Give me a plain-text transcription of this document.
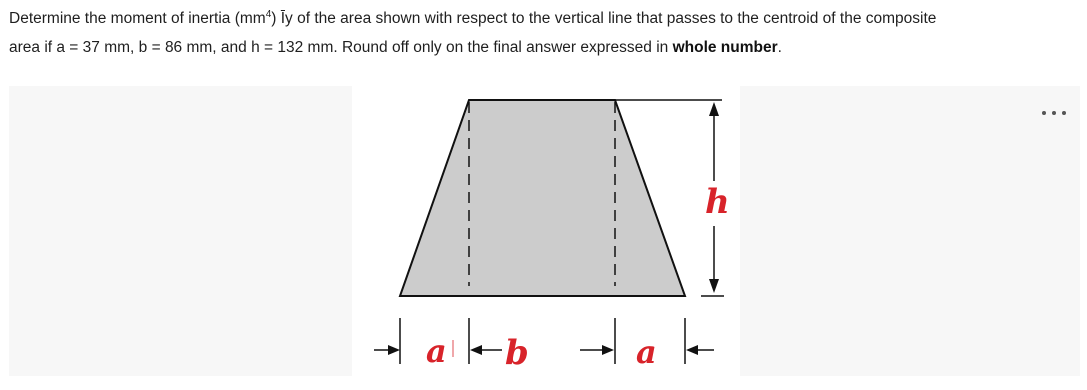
Determine the moment of inertia $(mm^4)$ Īy of the area shown with respect to the vertical line that passes to the centroid of the composite
area if a = 37 mm, b = 86 mm, and h = 132 mm. Round off only on the final answer expressed in whole number.
h
a b	a
